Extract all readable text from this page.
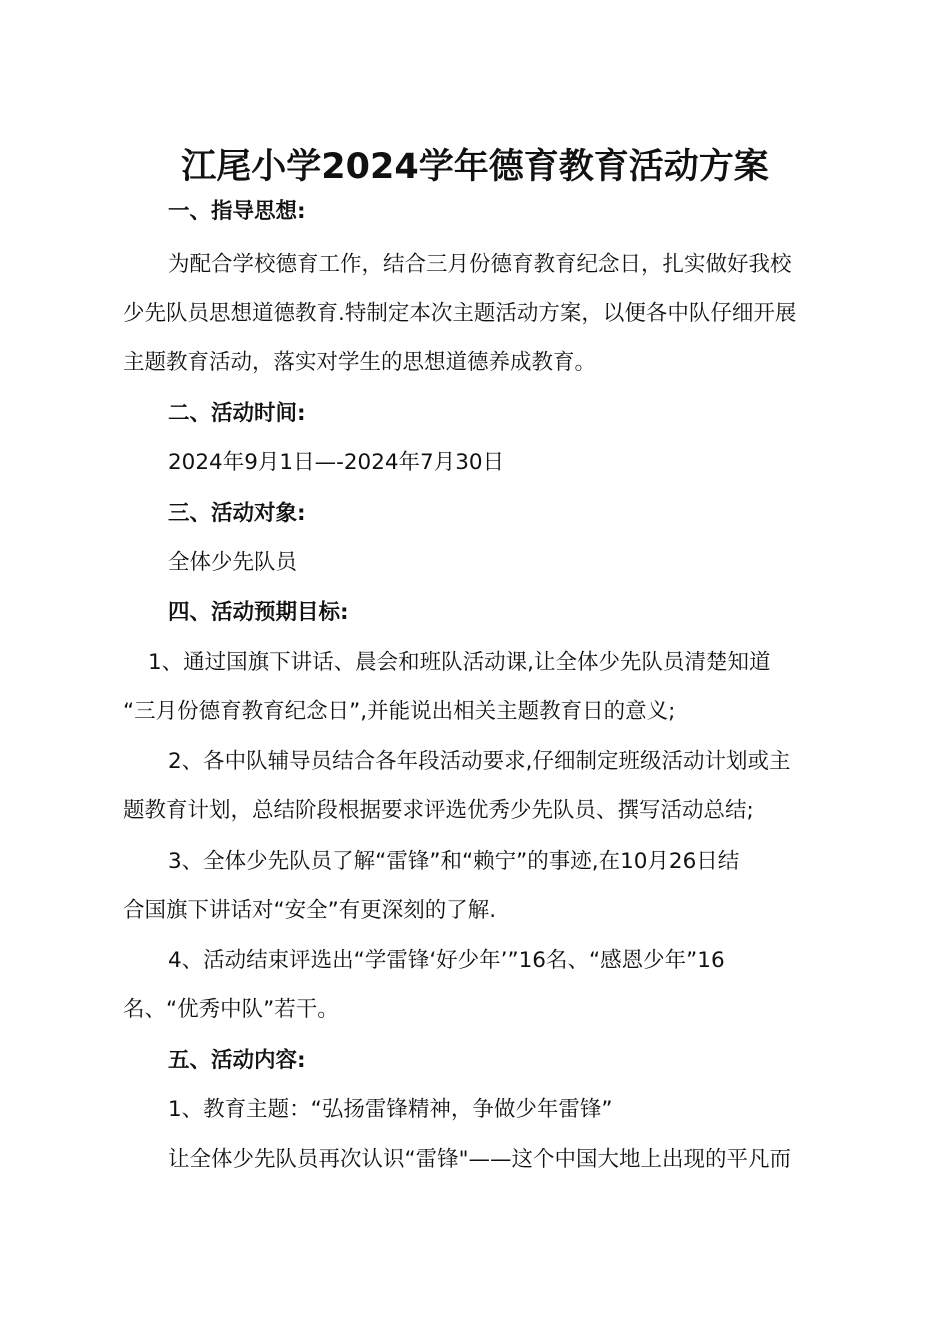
江尾小学2024学年德育教育活动方案
一、指导思想:
为配合学校德育工作，结合三月份德育教育纪念日，扎实做好我校
少先队员思想道德教育.特制定本次主题活动方案，以便各中队仔细开展
主题教育活动，落实对学生的思想道德养成教育。
二、活动时间:
2024年9月1日—-2024年7月30日
三、活动对象:
全体少先队员
四、活动预期目标:
1、通过国旗下讲话、晨会和班队活动课,让全体少先队员清楚知道
“三月份德育教育纪念日”,并能说出相关主题教育日的意义;
2、各中队辅导员结合各年段活动要求,仔细制定班级活动计划或主
题教育计划，总结阶段根据要求评选优秀少先队员、撰写活动总结;
3、全体少先队员了解“雷锋”和“赖宁”的事迹,在10月26日结
合国旗下讲话对“安全”有更深刻的了解.
4、活动结束评选出“学雷锋‘好少年’”16名、“感恩少年”16
名、“优秀中队”若干。
五、活动内容:
1、教育主题：“弘扬雷锋精神，争做少年雷锋”
让全体少先队员再次认识“雷锋"——这个中国大地上出现的平凡而
